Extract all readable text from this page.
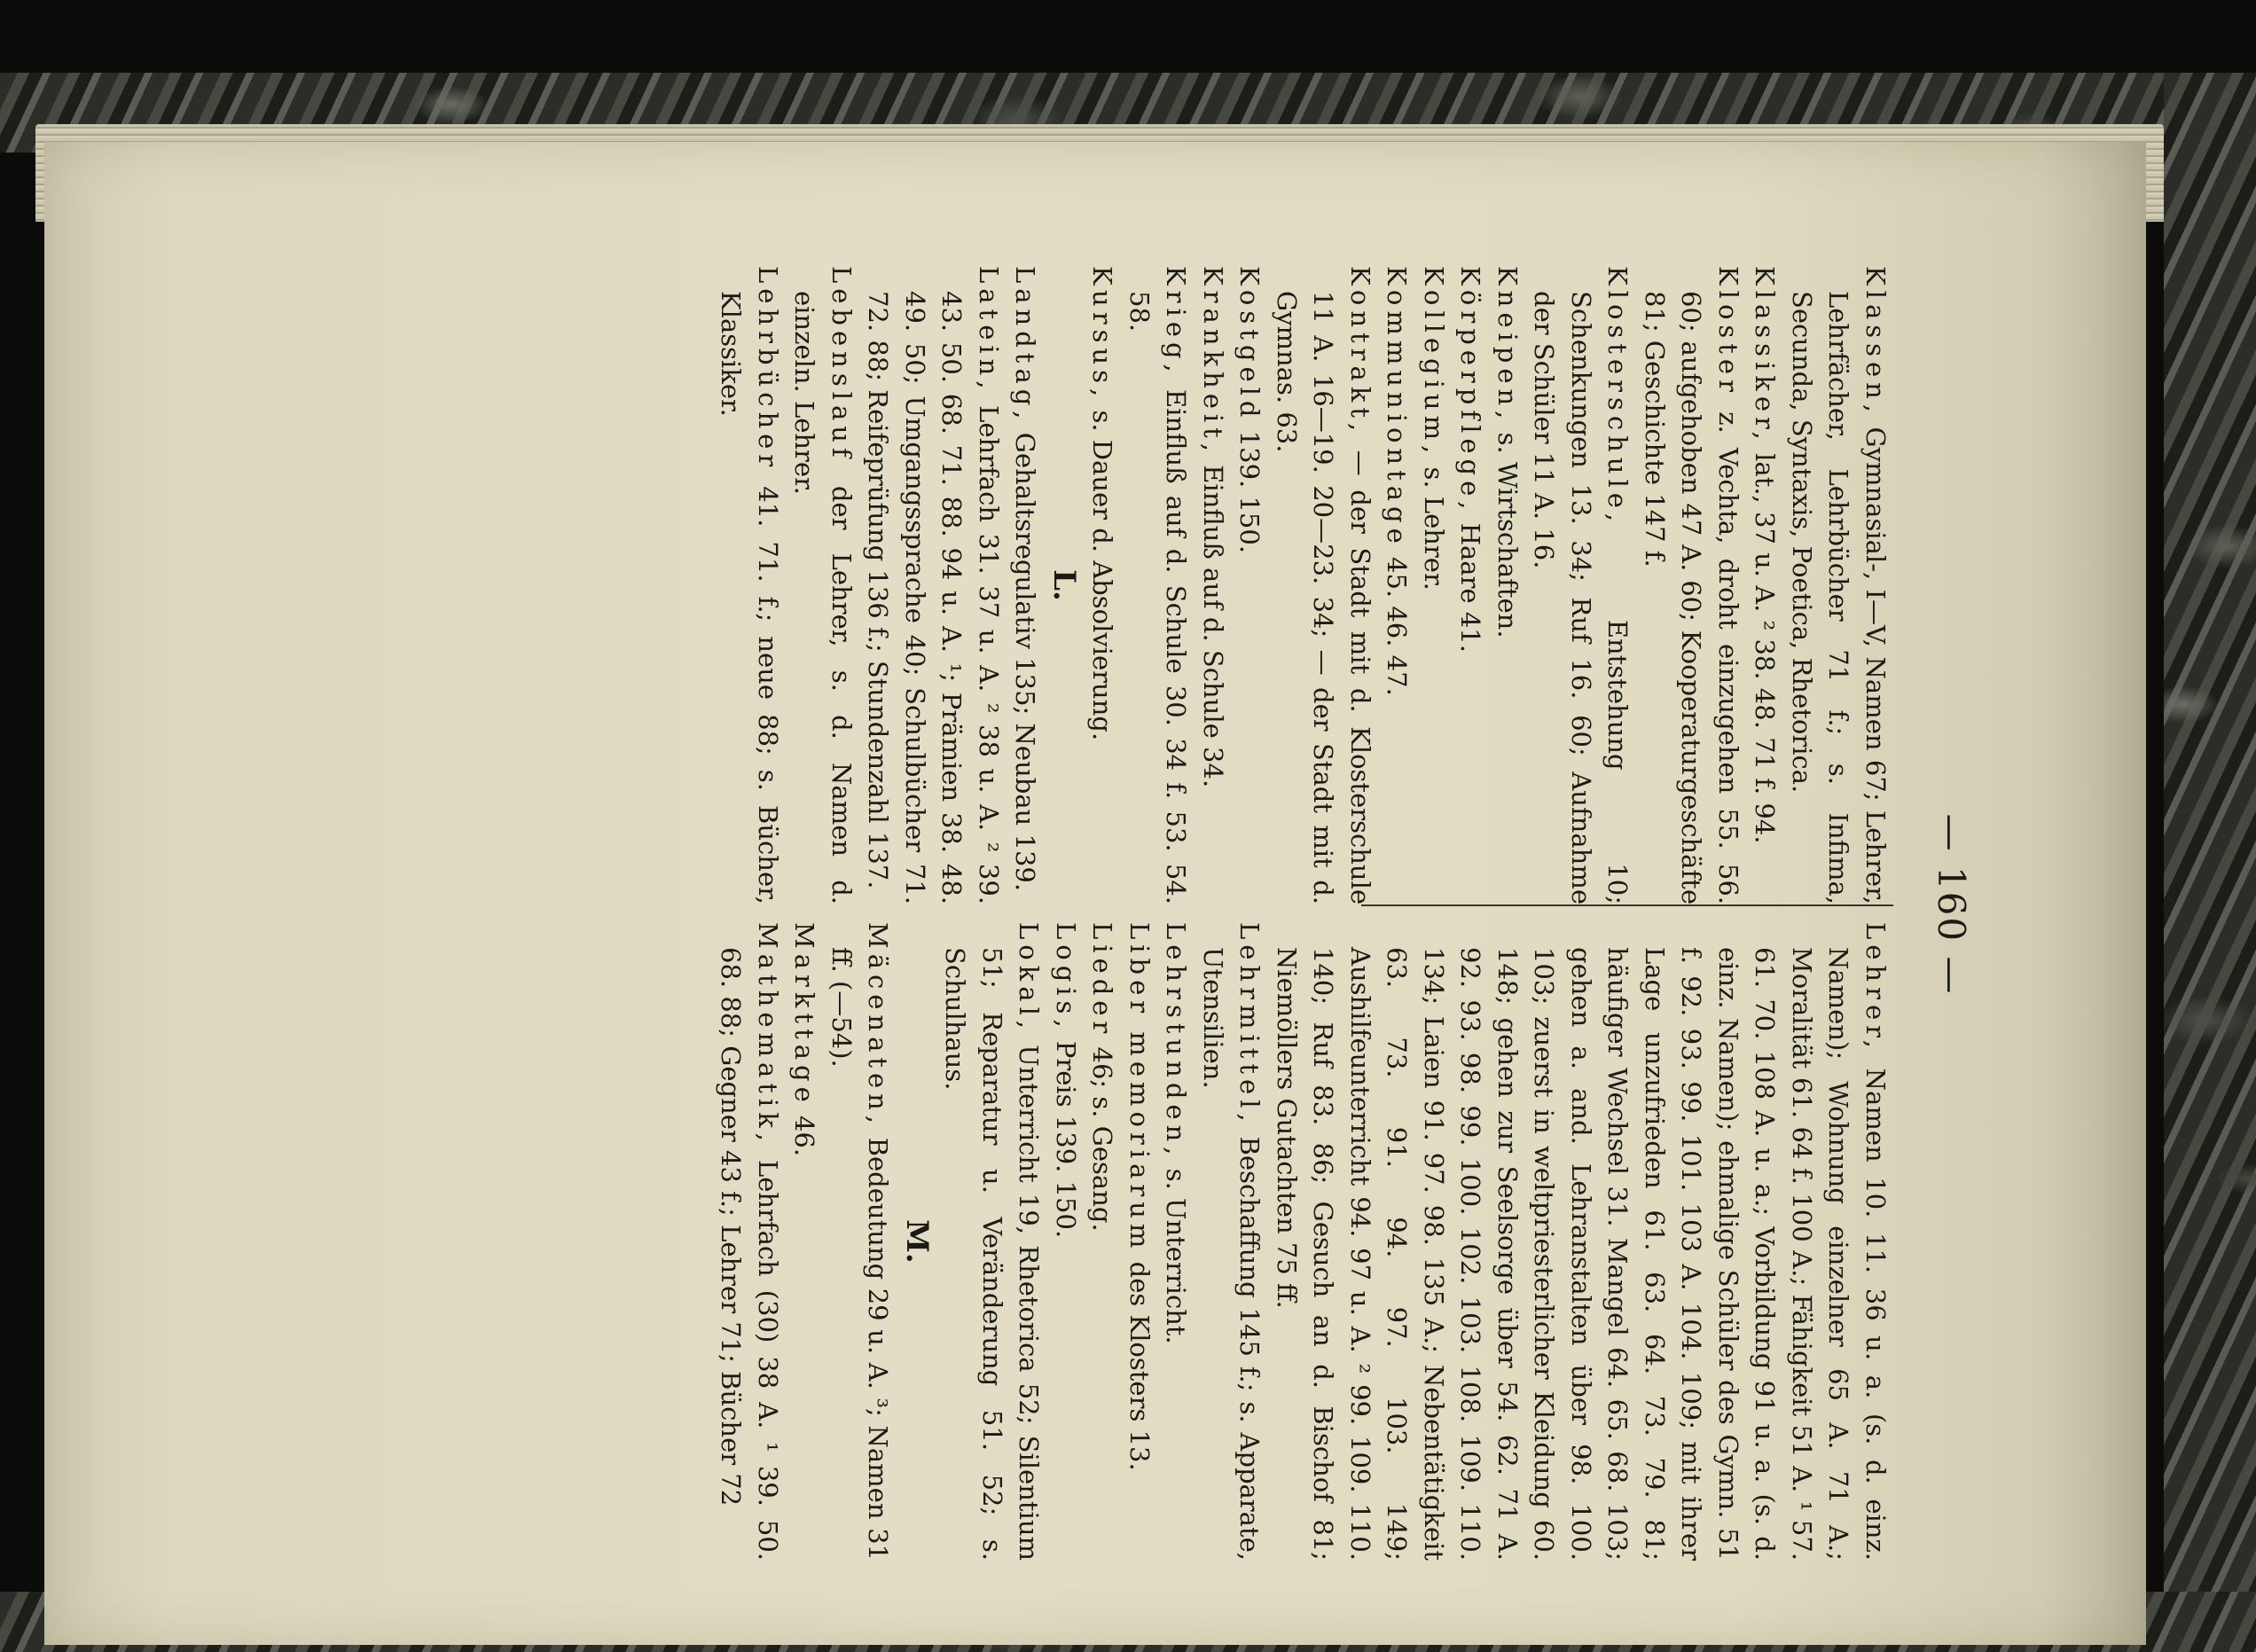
— 160 —

Klassen, Gymnasial-, I—V, Namen 67; Lehrer, Lehrfächer, Lehrbücher 71 f.; s. Infima, Secunda, Syntaxis, Poetica, Rhetorica.

Klassiker, lat., 37 u. A. ² 38. 48. 71 f. 94.

Kloster z. Vechta, droht einzugehen 55. 56. 60; aufgehoben 47 A. 60; Kooperaturgeschäfte 81; Geschichte 147 f.

Klosterschule, Entstehung 10; Schenkungen 13. 34; Ruf 16. 60; Aufnahme der Schüler 11 A. 16.

Kneipen, s. Wirtschaften.

Körperpflege, Haare 41.

Kollegium, s. Lehrer.

Kommuniontage 45. 46. 47.

Kontrakt, — der Stadt mit d. Klosterschule 11 A. 16—19. 20—23. 34; — der Stadt mit d. Gymnas. 63.

Kostgeld 139. 150.

Krankheit, Einfluß auf d. Schule 34.

Krieg, Einfluß auf d. Schule 30. 34 f. 53. 54. 58.

Kursus, s. Dauer d. Absolvierung.

L.

Landtag, Gehaltsregulativ 135; Neubau 139.

Latein, Lehrfach 31. 37 u. A. ² 38 u. A. ² 39. 43. 50. 68. 71. 88. 94 u. A. ¹; Prämien 38. 48. 49. 50; Umgangssprache 40; Schulbücher 71. 72. 88; Reifeprüfung 136 f.; Stundenzahl 137.

Lebenslauf der Lehrer, s. d. Namen d. einzeln. Lehrer.

Lehrbücher 41. 71. f.; neue 88; s. Bücher, Klassiker.

Lehrer, Namen 10. 11. 36 u. a. (s. d. einz. Namen); Wohnung einzelner 65 A. 71 A.; Moralität 61. 64 f. 100 A.; Fähigkeit 51 A. ¹ 57. 61. 70. 108 A. u. a.; Vorbildung 91 u. a. (s. d. einz. Namen); ehmalige Schüler des Gymn. 51 f. 92. 93. 99. 101. 103 A. 104. 109; mit ihrer Lage unzufrieden 61. 63. 64. 73. 79. 81; häufiger Wechsel 31. Mangel 64. 65. 68. 103; gehen a. and. Lehranstalten über 98. 100. 103; zuerst in weltpriesterlicher Kleidung 60. 148; gehen zur Seelsorge über 54. 62. 71 A. 92. 93. 98. 99. 100. 102. 103. 108. 109. 110. 134; Laien 91. 97. 98. 135 A.; Nebentätigkeit 63. 73. 91. 94. 97. 103. 149; Aushilfeunterricht 94. 97 u. A. ² 99. 109. 110. 140; Ruf 83. 86; Gesuch an d. Bischof 81; Niemöllers Gutachten 75 ff.

Lehrmittel, Beschaffung 145 f.; s. Apparate, Utensilien.

Lehrstunden, s. Unterricht.

Liber memoriarum des Klosters 13.

Lieder 46; s. Gesang.

Logis, Preis 139. 150.

Lokal, Unterricht 19, Rhetorica 52; Silentium 51; Reparatur u. Veränderung 51. 52; s. Schulhaus.

M.

Mäcenaten, Bedeutung 29 u. A. ³; Namen 31 ff. (—54).

Markttage 46.

Mathematik, Lehrfach (30) 38 A. ¹ 39. 50. 68. 88; Gegner 43 f.; Lehrer 71; Bücher 72
